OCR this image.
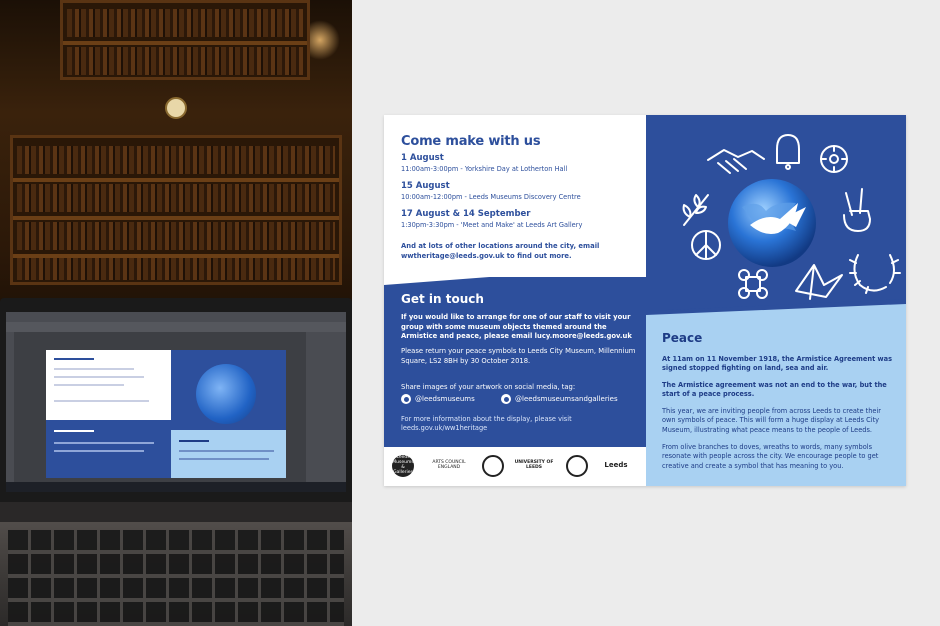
Come make with us
1 August
11:00am-3:00pm - Yorkshire Day at Lotherton Hall
15 August
10:00am-12:00pm - Leeds Museums Discovery Centre
17 August & 14 September
1:30pm-3:30pm - 'Meet and Make' at Leeds Art Gallery
And at lots of other locations around the city, email wwtheritage@leeds.gov.uk to find out more.
Get in touch
If you would like to arrange for one of our staff to visit your group with some museum objects themed around the Armistice and peace, please email lucy.moore@leeds.gov.uk
Please return your peace symbols to Leeds City Museum, Millennium Square, LS2 8BH by 30 October 2018.
Share images of your artwork on social media, tag:
@leedsmuseums	@leedsmuseumsandgalleries
For more information about the display, please visit leeds.gov.uk/ww1heritage
Leeds Museums & Galleries
ARTS COUNCIL ENGLAND
UNIVERSITY OF LEEDS	Leeds
Peace
At 11am on 11 November 1918, the Armistice Agreement was signed stopped fighting on land, sea and air.
The Armistice agreement was not an end to the war, but the start of a peace process.
This year, we are inviting people from across Leeds to create their own symbols of peace. This will form a huge display at Leeds City Museum, illustrating what peace means to the people of Leeds.
From olive branches to doves, wreaths to words, many symbols resonate with people across the city. We encourage people to get creative and create a symbol that has meaning to you.
